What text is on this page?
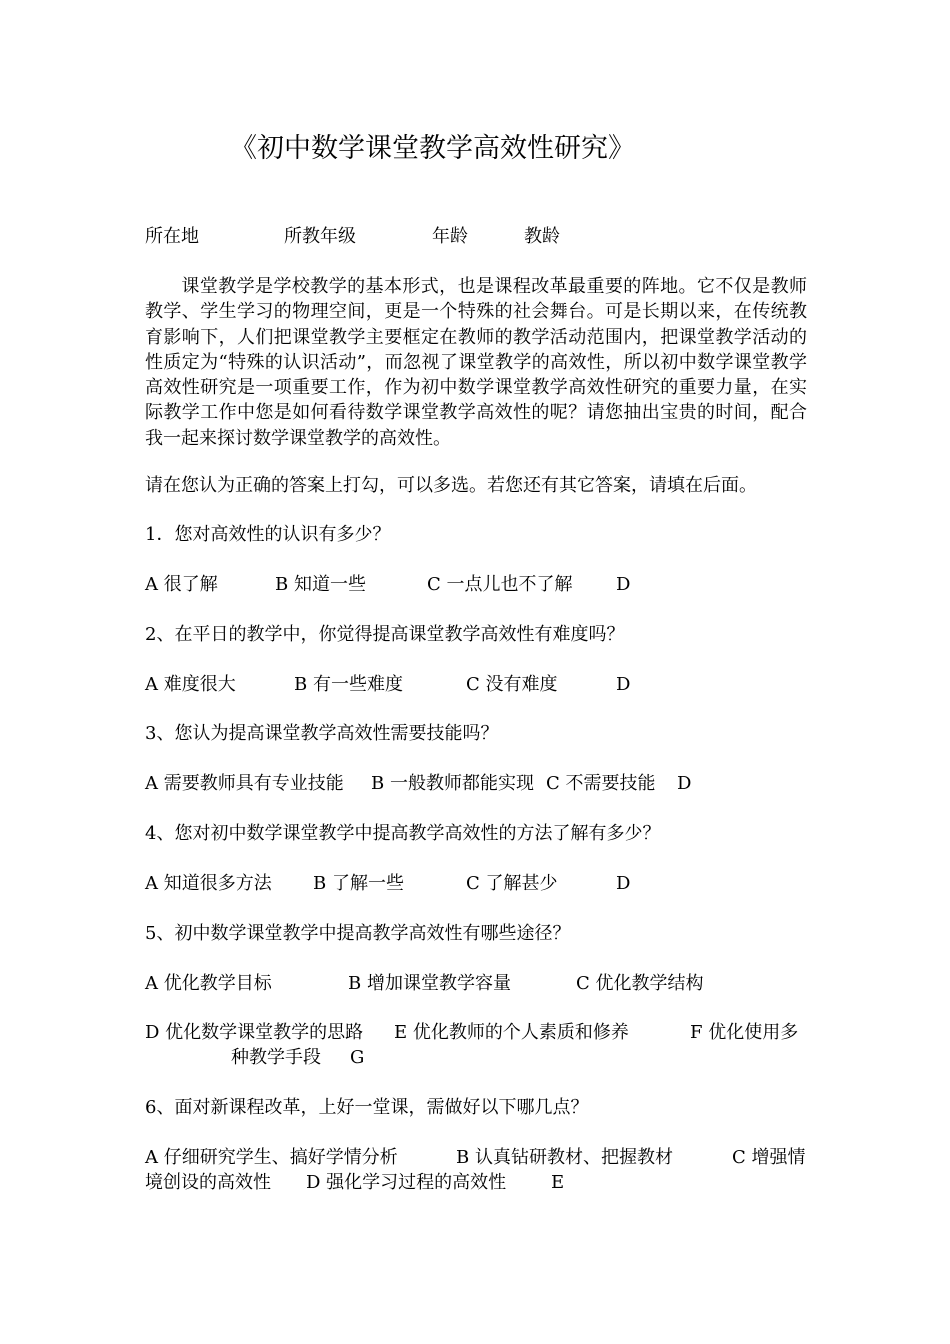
《初中数学课堂教学高效性研究》
所在地	所教年级	年龄	教龄
课堂教学是学校教学的基本形式，也是课程改革最重要的阵地。它不仅是教师教学、学生学习的物理空间，更是一个特殊的社会舞台。可是长期以来，在传统教育影响下，人们把课堂教学主要框定在教师的教学活动范围内，把课堂教学活动的性质定为“特殊的认识活动”，而忽视了课堂教学的高效性，所以初中数学课堂教学高效性研究是一项重要工作，作为初中数学课堂教学高效性研究的重要力量，在实际教学工作中您是如何看待数学课堂教学高效性的呢？请您抽出宝贵的时间，配合我一起来探讨数学课堂教学的高效性。
请在您认为正确的答案上打勾，可以多选。若您还有其它答案，请填在后面。
1．您对高效性的认识有多少？
A 很了解	B 知道一些	C 一点儿也不了解 D
2、在平日的教学中，你觉得提高课堂教学高效性有难度吗？
A 难度很大	B 有一些难度	C 没有难度	D
3、您认为提高课堂教学高效性需要技能吗？
A 需要教师具有专业技能 B 一般教师都能实现 C 不需要技能 D
4、您对初中数学课堂教学中提高教学高效性的方法了解有多少？
A 知道很多方法 B 了解一些	C 了解甚少	D
5、初中数学课堂教学中提高教学高效性有哪些途径？
A 优化教学目标	B 增加课堂教学容量	C 优化教学结构
D 优化数学课堂教学的思路 E 优化教师的个人素质和修养	F 优化使用多
种教学手段 G
6、面对新课程改革，上好一堂课，需做好以下哪几点？
A 仔细研究学生、搞好学情分析	B 认真钻研教材、把握教材	C 增强情
境创设的高效性 D 强化学习过程的高效性 E
